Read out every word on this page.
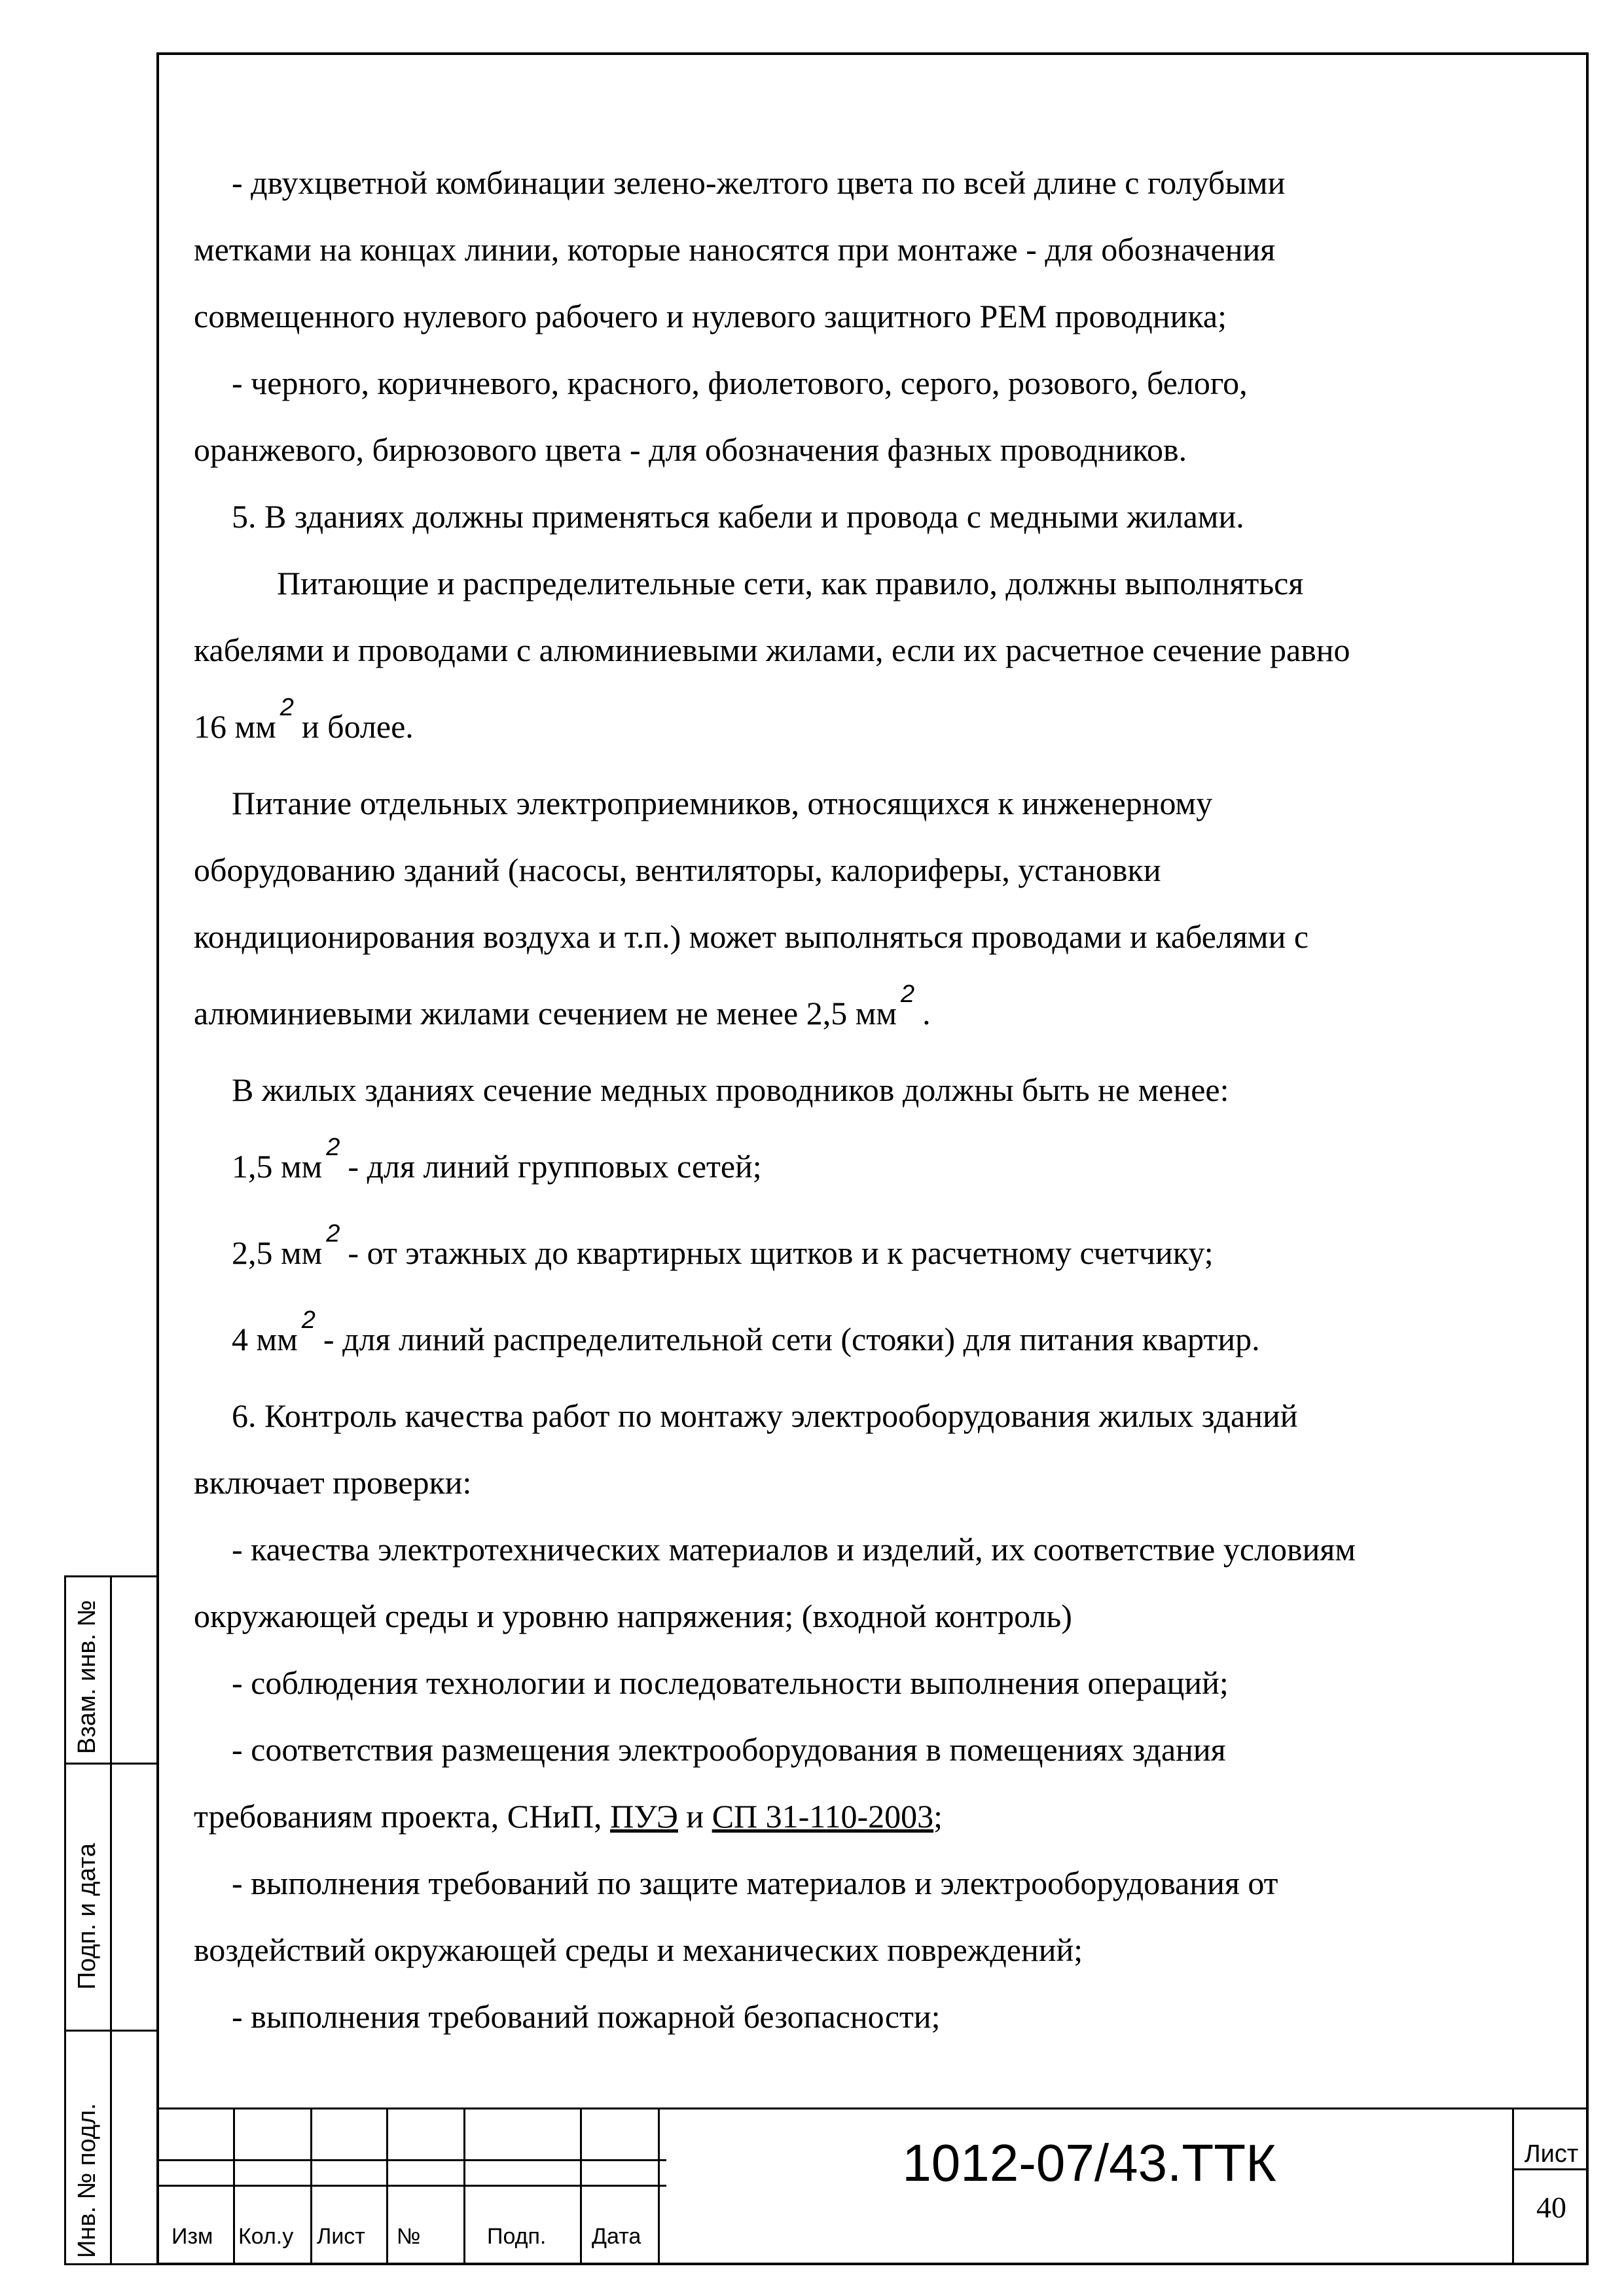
- двухцветной комбинации зелено-желтого цвета по всей длине с голубыми
метками на концах линии, которые наносятся при монтаже - для обозначения
совмещенного нулевого рабочего и нулевого защитного PEM проводника;
- черного, коричневого, красного, фиолетового, серого, розового, белого,
оранжевого, бирюзового цвета - для обозначения фазных проводников.
5. В зданиях должны применяться кабели и провода с медными жилами.
Питающие и распределительные сети, как правило, должны выполняться
кабелями и проводами с алюминиевыми жилами, если их расчетное сечение равно
16 $мм^2и$ более.
Питание отдельных электроприемников, относящихся к инженерному
оборудованию зданий (насосы, вентиляторы, калориферы, установки
кондиционирования воздуха и т.п.) может выполняться проводами и кабелями с
алюминиевыми жилами сечением не менее 2,5 $мм^2$.
В жилых зданиях сечение медных проводников должны быть не менее:
1,5 $мм^2-$ для линий групповых сетей;
2,5 $мм^2-$ от этажных до квартирных щитков и к расчетному счетчику;
4 $мм^2-$ для линий распределительной сети (стояки) для питания квартир.
6. Контроль качества работ по монтажу электрооборудования жилых зданий
включает проверки:
- качества электротехнических материалов и изделий, их соответствие условиям
окружающей среды и уровню напряжения; (входной контроль)
- соблюдения технологии и последовательности выполнения операций;
- соответствия размещения электрооборудования в помещениях здания
требованиям проекта, СНиП, ПУЭ и СП 31-110-2003;
- выполнения требований по защите материалов и электрооборудования от
воздействий окружающей среды и механических повреждений;
- выполнения требований пожарной безопасности;
Взам. инв. №
Подп. и дата
Инв. № подл.	Изм Кол.у Лист №	Подп. Дата
1012-07/43.ТТК	Лист
40
